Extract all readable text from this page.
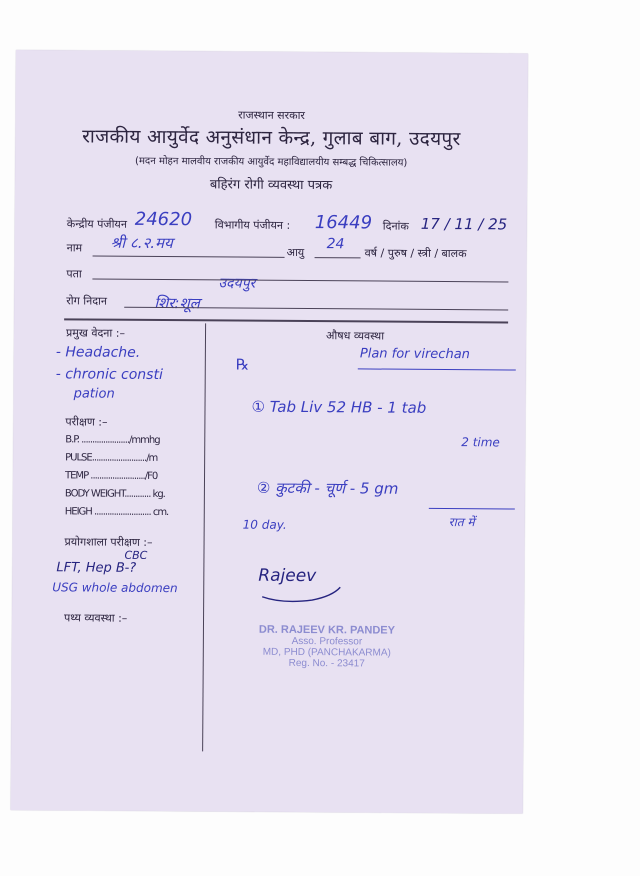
राजस्थान सरकार
राजकीय आयुर्वेद अनुसंधान केन्द्र, गुलाब बाग, उदयपुर
(मदन मोहन मालवीय राजकीय आयुर्वेद महाविद्यालयीय सम्बद्ध चिकित्सालय)
बहिरंग रोगी व्यवस्था पत्रक
केन्द्रीय पंजीयन 24620 विभागीय पंजीयन : 16449 दिनांक 17 / 11 / 25
नाम श्री ८.२.मय
आयु
24
वर्ष / पुरुष / स्त्री / बालक
पता
उदयपुर
रोग निदान	शिर:शूल
प्रमुख वेदना :–
- Headache.
- chronic consti
pation
परीक्षण :–
B.P. ....................../mmhg
PULSE........................./m
TEMP ........................./F0
BODY WEIGHT............ kg.
HEIGH .......................... cm.
प्रयोगशाला परीक्षण :–
CBC
LFT, Hep B-?
USG whole abdomen
पथ्य व्यवस्था :–
औषध व्यवस्था
℞
Plan for virechan
① Tab Liv 52 HB - 1 tab
2 time
② कुटकी - चूर्ण - 5 gm
रात में
10 day.
Rajeev
DR. RAJEEV KR. PANDEY
Asso. Professor
MD, PHD (PANCHAKARMA)
Reg. No. - 23417
